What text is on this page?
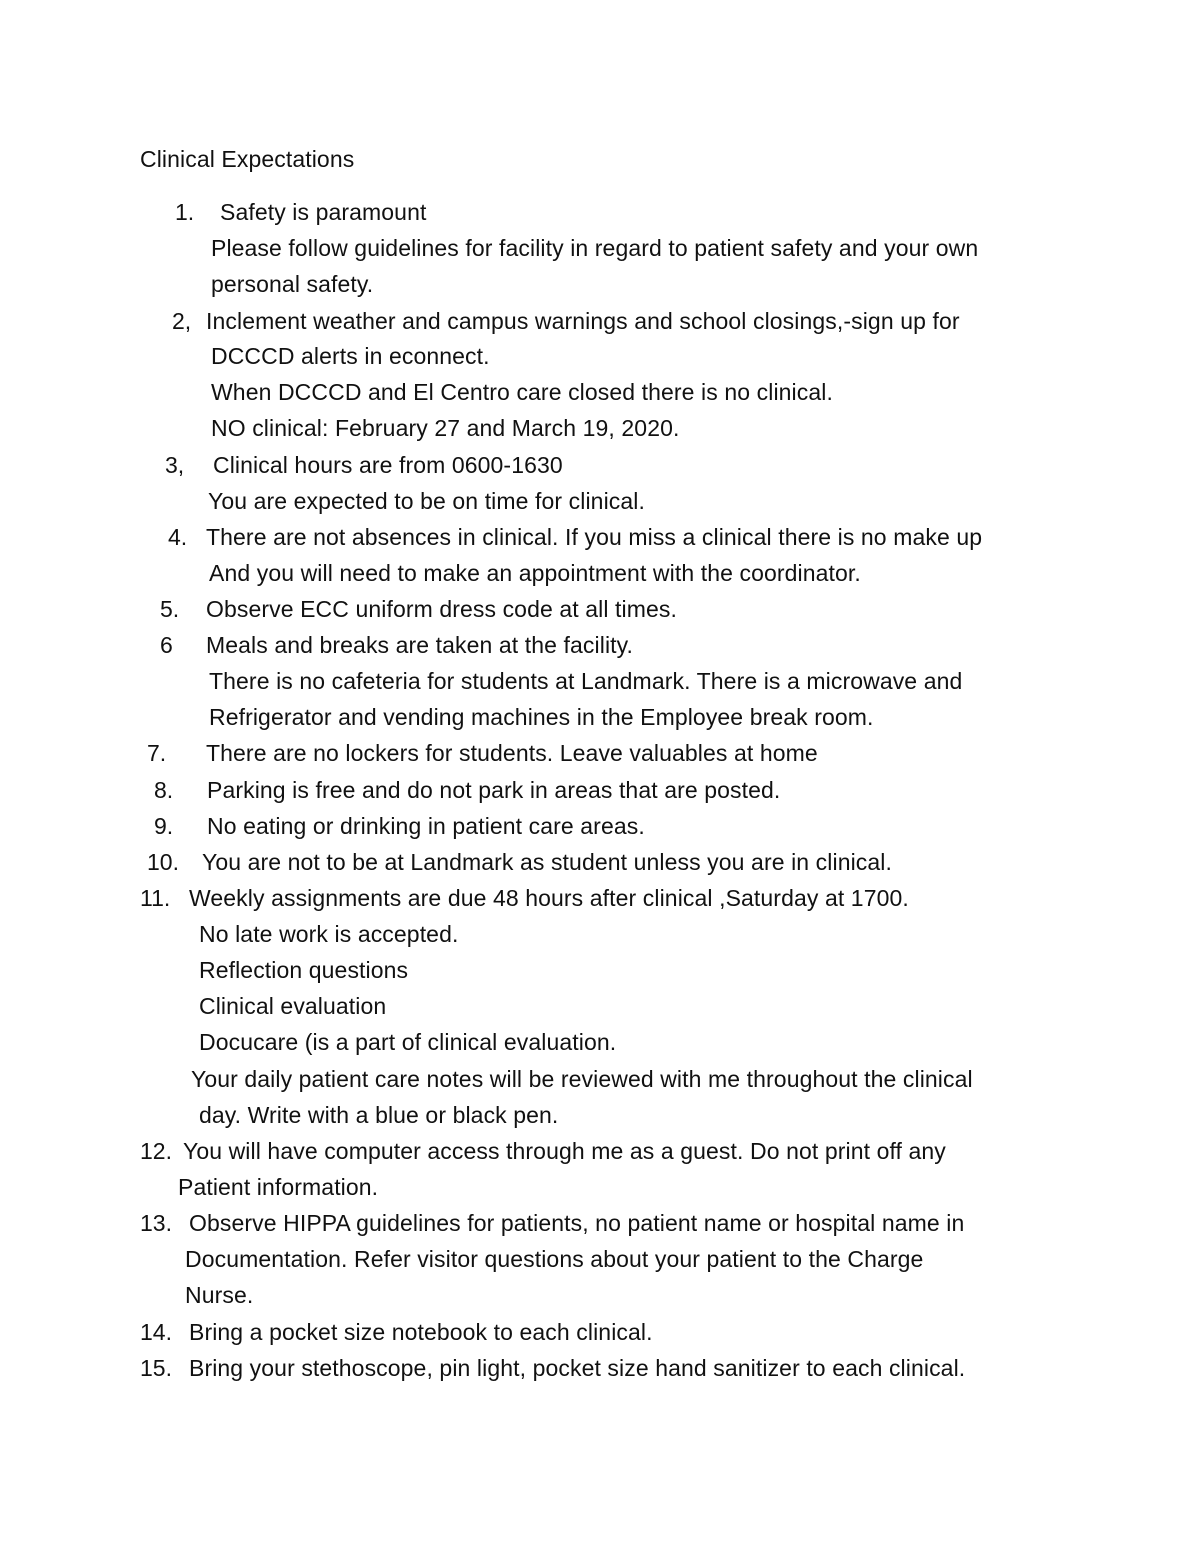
Clinical Expectations
1. Safety is paramount
Please follow guidelines for facility in regard to patient safety and your own
personal safety.
2, Inclement weather and campus warnings and school closings,-sign up for
DCCCD alerts in econnect.
When DCCCD and El Centro care closed there is no clinical.
NO clinical: February 27 and March 19, 2020.
3, Clinical hours are from 0600-1630
You are expected to be on time for clinical.
4. There are not absences in clinical. If you miss a clinical there is no make up
And you will need to make an appointment with the coordinator.
5. Observe ECC uniform dress code at all times.
6 Meals and breaks are taken at the facility.
There is no cafeteria for students at Landmark. There is a microwave and
Refrigerator and vending machines in the Employee break room.
7. There are no lockers for students. Leave valuables at home
8. Parking is free and do not park in areas that are posted.
9. No eating or drinking in patient care areas.
10. You are not to be at Landmark as student unless you are in clinical.
11. Weekly assignments are due 48 hours after clinical ,Saturday at 1700.
No late work is accepted.
Reflection questions
Clinical evaluation
Docucare (is a part of clinical evaluation.
Your daily patient care notes will be reviewed with me throughout the clinical
day. Write with a blue or black pen.
12. You will have computer access through me as a guest. Do not print off any
Patient information.
13. Observe HIPPA guidelines for patients, no patient name or hospital name in
Documentation. Refer visitor questions about your patient to the Charge
Nurse.
14. Bring a pocket size notebook to each clinical.
15. Bring your stethoscope, pin light, pocket size hand sanitizer to each clinical.
